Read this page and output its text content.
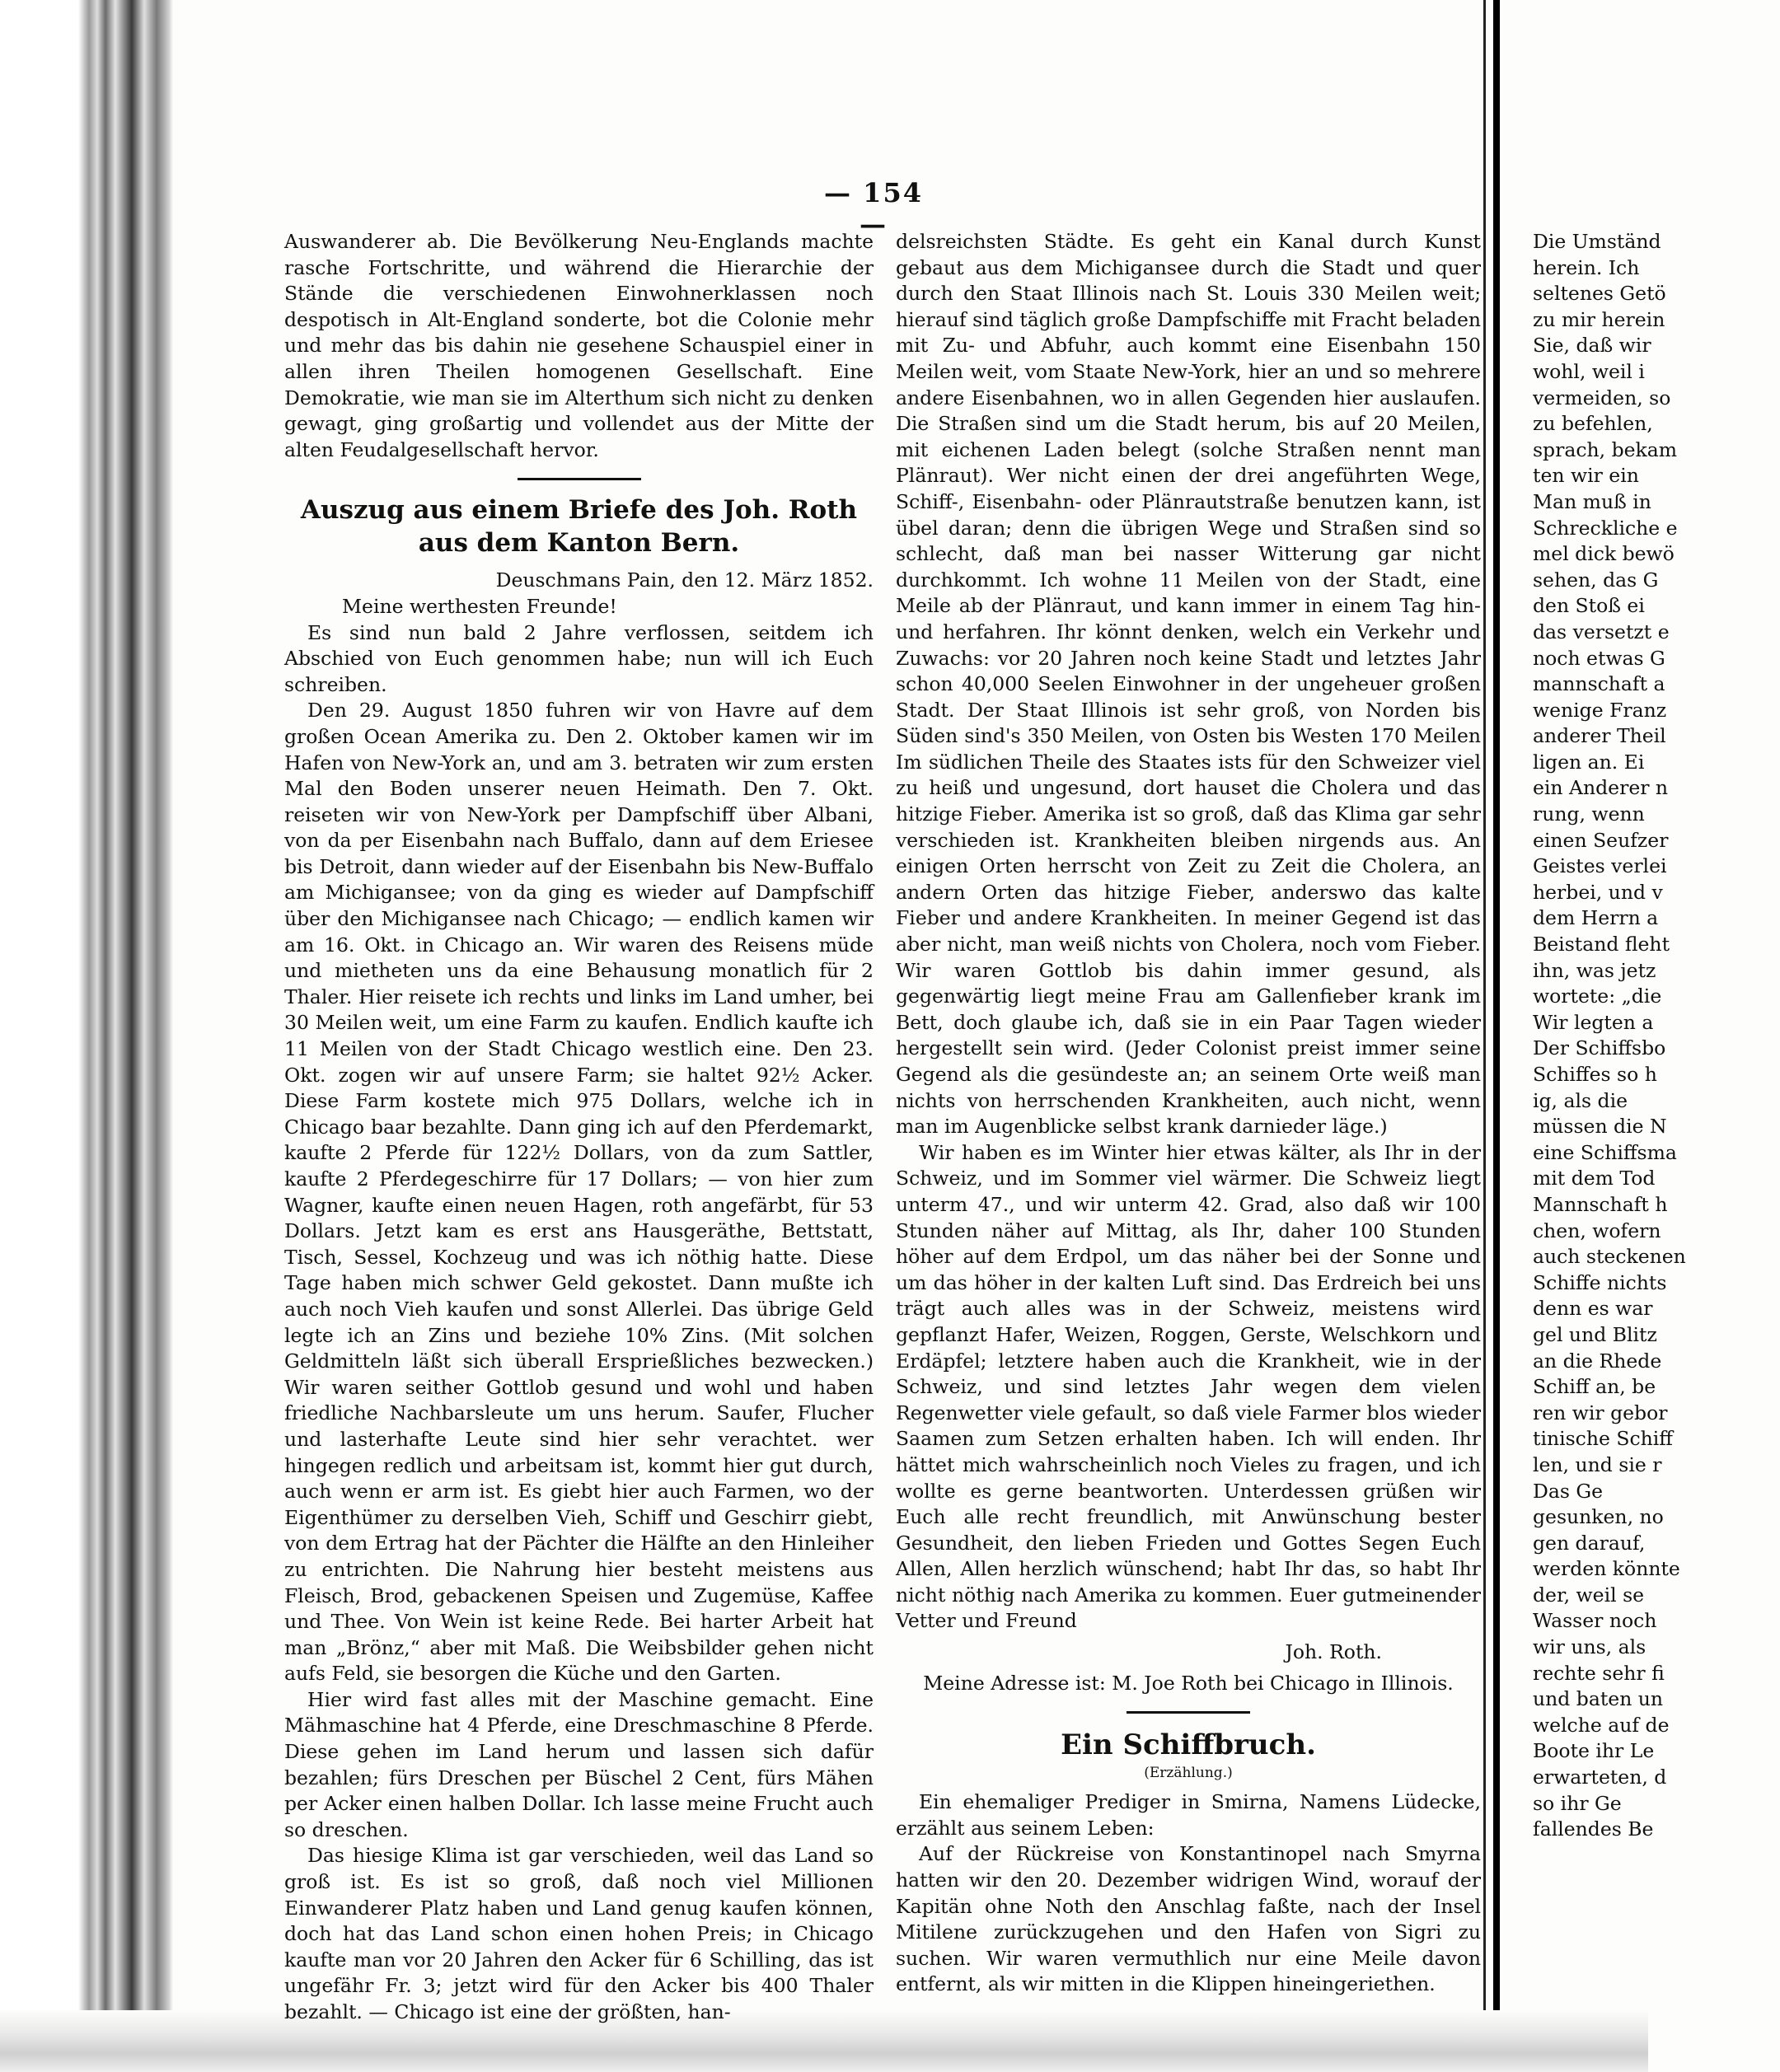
— 154 —

Auswanderer ab. Die Bevölkerung Neu-Englands machte rasche Fortschritte, und während die Hierarchie der Stände die verschiedenen Einwohnerklassen noch despotisch in Alt-England sonderte, bot die Colonie mehr und mehr das bis dahin nie gesehene Schauspiel einer in allen ihren Theilen homogenen Gesellschaft. Eine Demokratie, wie man sie im Alterthum sich nicht zu denken gewagt, ging großartig und vollendet aus der Mitte der alten Feudalgesellschaft hervor.

Auszug aus einem Briefe des Joh. Roth aus dem Kanton Bern.

Deuschmans Pain, den 12. März 1852.

Meine werthesten Freunde!

Es sind nun bald 2 Jahre verflossen, seitdem ich Abschied von Euch genommen habe; nun will ich Euch schreiben.

Den 29. August 1850 fuhren wir von Havre auf dem großen Ocean Amerika zu. Den 2. Oktober kamen wir im Hafen von New-York an, und am 3. betraten wir zum ersten Mal den Boden unserer neuen Heimath. Den 7. Okt. reiseten wir von New-York per Dampfschiff über Albani, von da per Eisenbahn nach Buffalo, dann auf dem Eriesee bis Detroit, dann wieder auf der Eisenbahn bis New-Buffalo am Michigansee; von da ging es wieder auf Dampfschiff über den Michigansee nach Chicago; — endlich kamen wir am 16. Okt. in Chicago an. Wir waren des Reisens müde und mietheten uns da eine Behausung monatlich für 2 Thaler. Hier reisete ich rechts und links im Land umher, bei 30 Meilen weit, um eine Farm zu kaufen. Endlich kaufte ich 11 Meilen von der Stadt Chicago westlich eine. Den 23. Okt. zogen wir auf unsere Farm; sie haltet 92½ Acker. Diese Farm kostete mich 975 Dollars, welche ich in Chicago baar bezahlte. Dann ging ich auf den Pferdemarkt, kaufte 2 Pferde für 122½ Dollars, von da zum Sattler, kaufte 2 Pferdegeschirre für 17 Dollars; — von hier zum Wagner, kaufte einen neuen Hagen, roth angefärbt, für 53 Dollars. Jetzt kam es erst ans Hausgeräthe, Bettstatt, Tisch, Sessel, Kochzeug und was ich nöthig hatte. Diese Tage haben mich schwer Geld gekostet. Dann mußte ich auch noch Vieh kaufen und sonst Allerlei. Das übrige Geld legte ich an Zins und beziehe 10% Zins. (Mit solchen Geldmitteln läßt sich überall Ersprießliches bezwecken.) Wir waren seither Gottlob gesund und wohl und haben friedliche Nachbarsleute um uns herum. Saufer, Flucher und lasterhafte Leute sind hier sehr verachtet. wer hingegen redlich und arbeitsam ist, kommt hier gut durch, auch wenn er arm ist. Es giebt hier auch Farmen, wo der Eigenthümer zu derselben Vieh, Schiff und Geschirr giebt, von dem Ertrag hat der Pächter die Hälfte an den Hinleiher zu entrichten. Die Nahrung hier besteht meistens aus Fleisch, Brod, gebackenen Speisen und Zugemüse, Kaffee und Thee. Von Wein ist keine Rede. Bei harter Arbeit hat man „Brönz,“ aber mit Maß. Die Weibsbilder gehen nicht aufs Feld, sie besorgen die Küche und den Garten.

Hier wird fast alles mit der Maschine gemacht. Eine Mähmaschine hat 4 Pferde, eine Dreschmaschine 8 Pferde. Diese gehen im Land herum und lassen sich dafür bezahlen; fürs Dreschen per Büschel 2 Cent, fürs Mähen per Acker einen halben Dollar. Ich lasse meine Frucht auch so dreschen.

Das hiesige Klima ist gar verschieden, weil das Land so groß ist. Es ist so groß, daß noch viel Millionen Einwanderer Platz haben und Land genug kaufen können, doch hat das Land schon einen hohen Preis; in Chicago kaufte man vor 20 Jahren den Acker für 6 Schilling, das ist ungefähr Fr. 3; jetzt wird für den Acker bis 400 Thaler bezahlt. — Chicago ist eine der größten, han-

delsreichsten Städte. Es geht ein Kanal durch Kunst gebaut aus dem Michigansee durch die Stadt und quer durch den Staat Illinois nach St. Louis 330 Meilen weit; hierauf sind täglich große Dampfschiffe mit Fracht beladen mit Zu- und Abfuhr, auch kommt eine Eisenbahn 150 Meilen weit, vom Staate New-York, hier an und so mehrere andere Eisenbahnen, wo in allen Gegenden hier auslaufen. Die Straßen sind um die Stadt herum, bis auf 20 Meilen, mit eichenen Laden belegt (solche Straßen nennt man Plänraut). Wer nicht einen der drei angeführten Wege, Schiff-, Eisenbahn- oder Plänrautstraße benutzen kann, ist übel daran; denn die übrigen Wege und Straßen sind so schlecht, daß man bei nasser Witterung gar nicht durchkommt. Ich wohne 11 Meilen von der Stadt, eine Meile ab der Plänraut, und kann immer in einem Tag hin- und herfahren. Ihr könnt denken, welch ein Verkehr und Zuwachs: vor 20 Jahren noch keine Stadt und letztes Jahr schon 40,000 Seelen Einwohner in der ungeheuer großen Stadt. Der Staat Illinois ist sehr groß, von Norden bis Süden sind's 350 Meilen, von Osten bis Westen 170 Meilen Im südlichen Theile des Staates ists für den Schweizer viel zu heiß und ungesund, dort hauset die Cholera und das hitzige Fieber. Amerika ist so groß, daß das Klima gar sehr verschieden ist. Krankheiten bleiben nirgends aus. An einigen Orten herrscht von Zeit zu Zeit die Cholera, an andern Orten das hitzige Fieber, anderswo das kalte Fieber und andere Krankheiten. In meiner Gegend ist das aber nicht, man weiß nichts von Cholera, noch vom Fieber. Wir waren Gottlob bis dahin immer gesund, als gegenwärtig liegt meine Frau am Gallenfieber krank im Bett, doch glaube ich, daß sie in ein Paar Tagen wieder hergestellt sein wird. (Jeder Colonist preist immer seine Gegend als die gesündeste an; an seinem Orte weiß man nichts von herrschenden Krankheiten, auch nicht, wenn man im Augenblicke selbst krank darnieder läge.)

Wir haben es im Winter hier etwas kälter, als Ihr in der Schweiz, und im Sommer viel wärmer. Die Schweiz liegt unterm 47., und wir unterm 42. Grad, also daß wir 100 Stunden näher auf Mittag, als Ihr, daher 100 Stunden höher auf dem Erdpol, um das näher bei der Sonne und um das höher in der kalten Luft sind. Das Erdreich bei uns trägt auch alles was in der Schweiz, meistens wird gepflanzt Hafer, Weizen, Roggen, Gerste, Welschkorn und Erdäpfel; letztere haben auch die Krankheit, wie in der Schweiz, und sind letztes Jahr wegen dem vielen Regenwetter viele gefault, so daß viele Farmer blos wieder Saamen zum Setzen erhalten haben. Ich will enden. Ihr hättet mich wahrscheinlich noch Vieles zu fragen, und ich wollte es gerne beantworten. Unterdessen grüßen wir Euch alle recht freundlich, mit Anwünschung bester Gesundheit, den lieben Frieden und Gottes Segen Euch Allen, Allen herzlich wünschend; habt Ihr das, so habt Ihr nicht nöthig nach Amerika zu kommen. Euer gutmeinender Vetter und Freund

Joh. Roth.

Meine Adresse ist: M. Joe Roth bei Chicago in Illinois.

Ein Schiffbruch.
(Erzählung.)

Ein ehemaliger Prediger in Smirna, Namens Lüdecke, erzählt aus seinem Leben:

Auf der Rückreise von Konstantinopel nach Smyrna hatten wir den 20. Dezember widrigen Wind, worauf der Kapitän ohne Noth den Anschlag faßte, nach der Insel Mitilene zurückzugehen und den Hafen von Sigri zu suchen. Wir waren vermuthlich nur eine Meile davon entfernt, als wir mitten in die Klippen hineingeriethen.

Die Umständ

herein. Ich

seltenes Getö

zu mir herein

Sie, daß wir

wohl, weil i

vermeiden, so

zu befehlen,

sprach, bekam

ten wir ein

Man muß in

Schreckliche e

mel dick bewö

sehen, das G

den Stoß ei

das versetzt e

noch etwas G

mannschaft a

wenige Franz

anderer Theil

ligen an. Ei

ein Anderer n

rung, wenn

einen Seufzer

Geistes verlei

herbei, und v

dem Herrn a

Beistand fleht

ihn, was jetz

wortete: „die

Wir legten a

Der Schiffsbo

Schiffes so h

ig, als die

müssen die N

eine Schiffsma

mit dem Tod

Mannschaft h

chen, wofern

auch steckenen

Schiffe nichts

denn es war

gel und Blitz

an die Rhede

Schiff an, be

ren wir gebor

tinische Schiff

len, und sie r

Das Ge

gesunken, no

gen darauf,

werden könnte

der, weil se

Wasser noch

wir uns, als

rechte sehr fi

und baten un

welche auf de

Boote ihr Le

erwarteten, d

so ihr Ge

fallendes Be
